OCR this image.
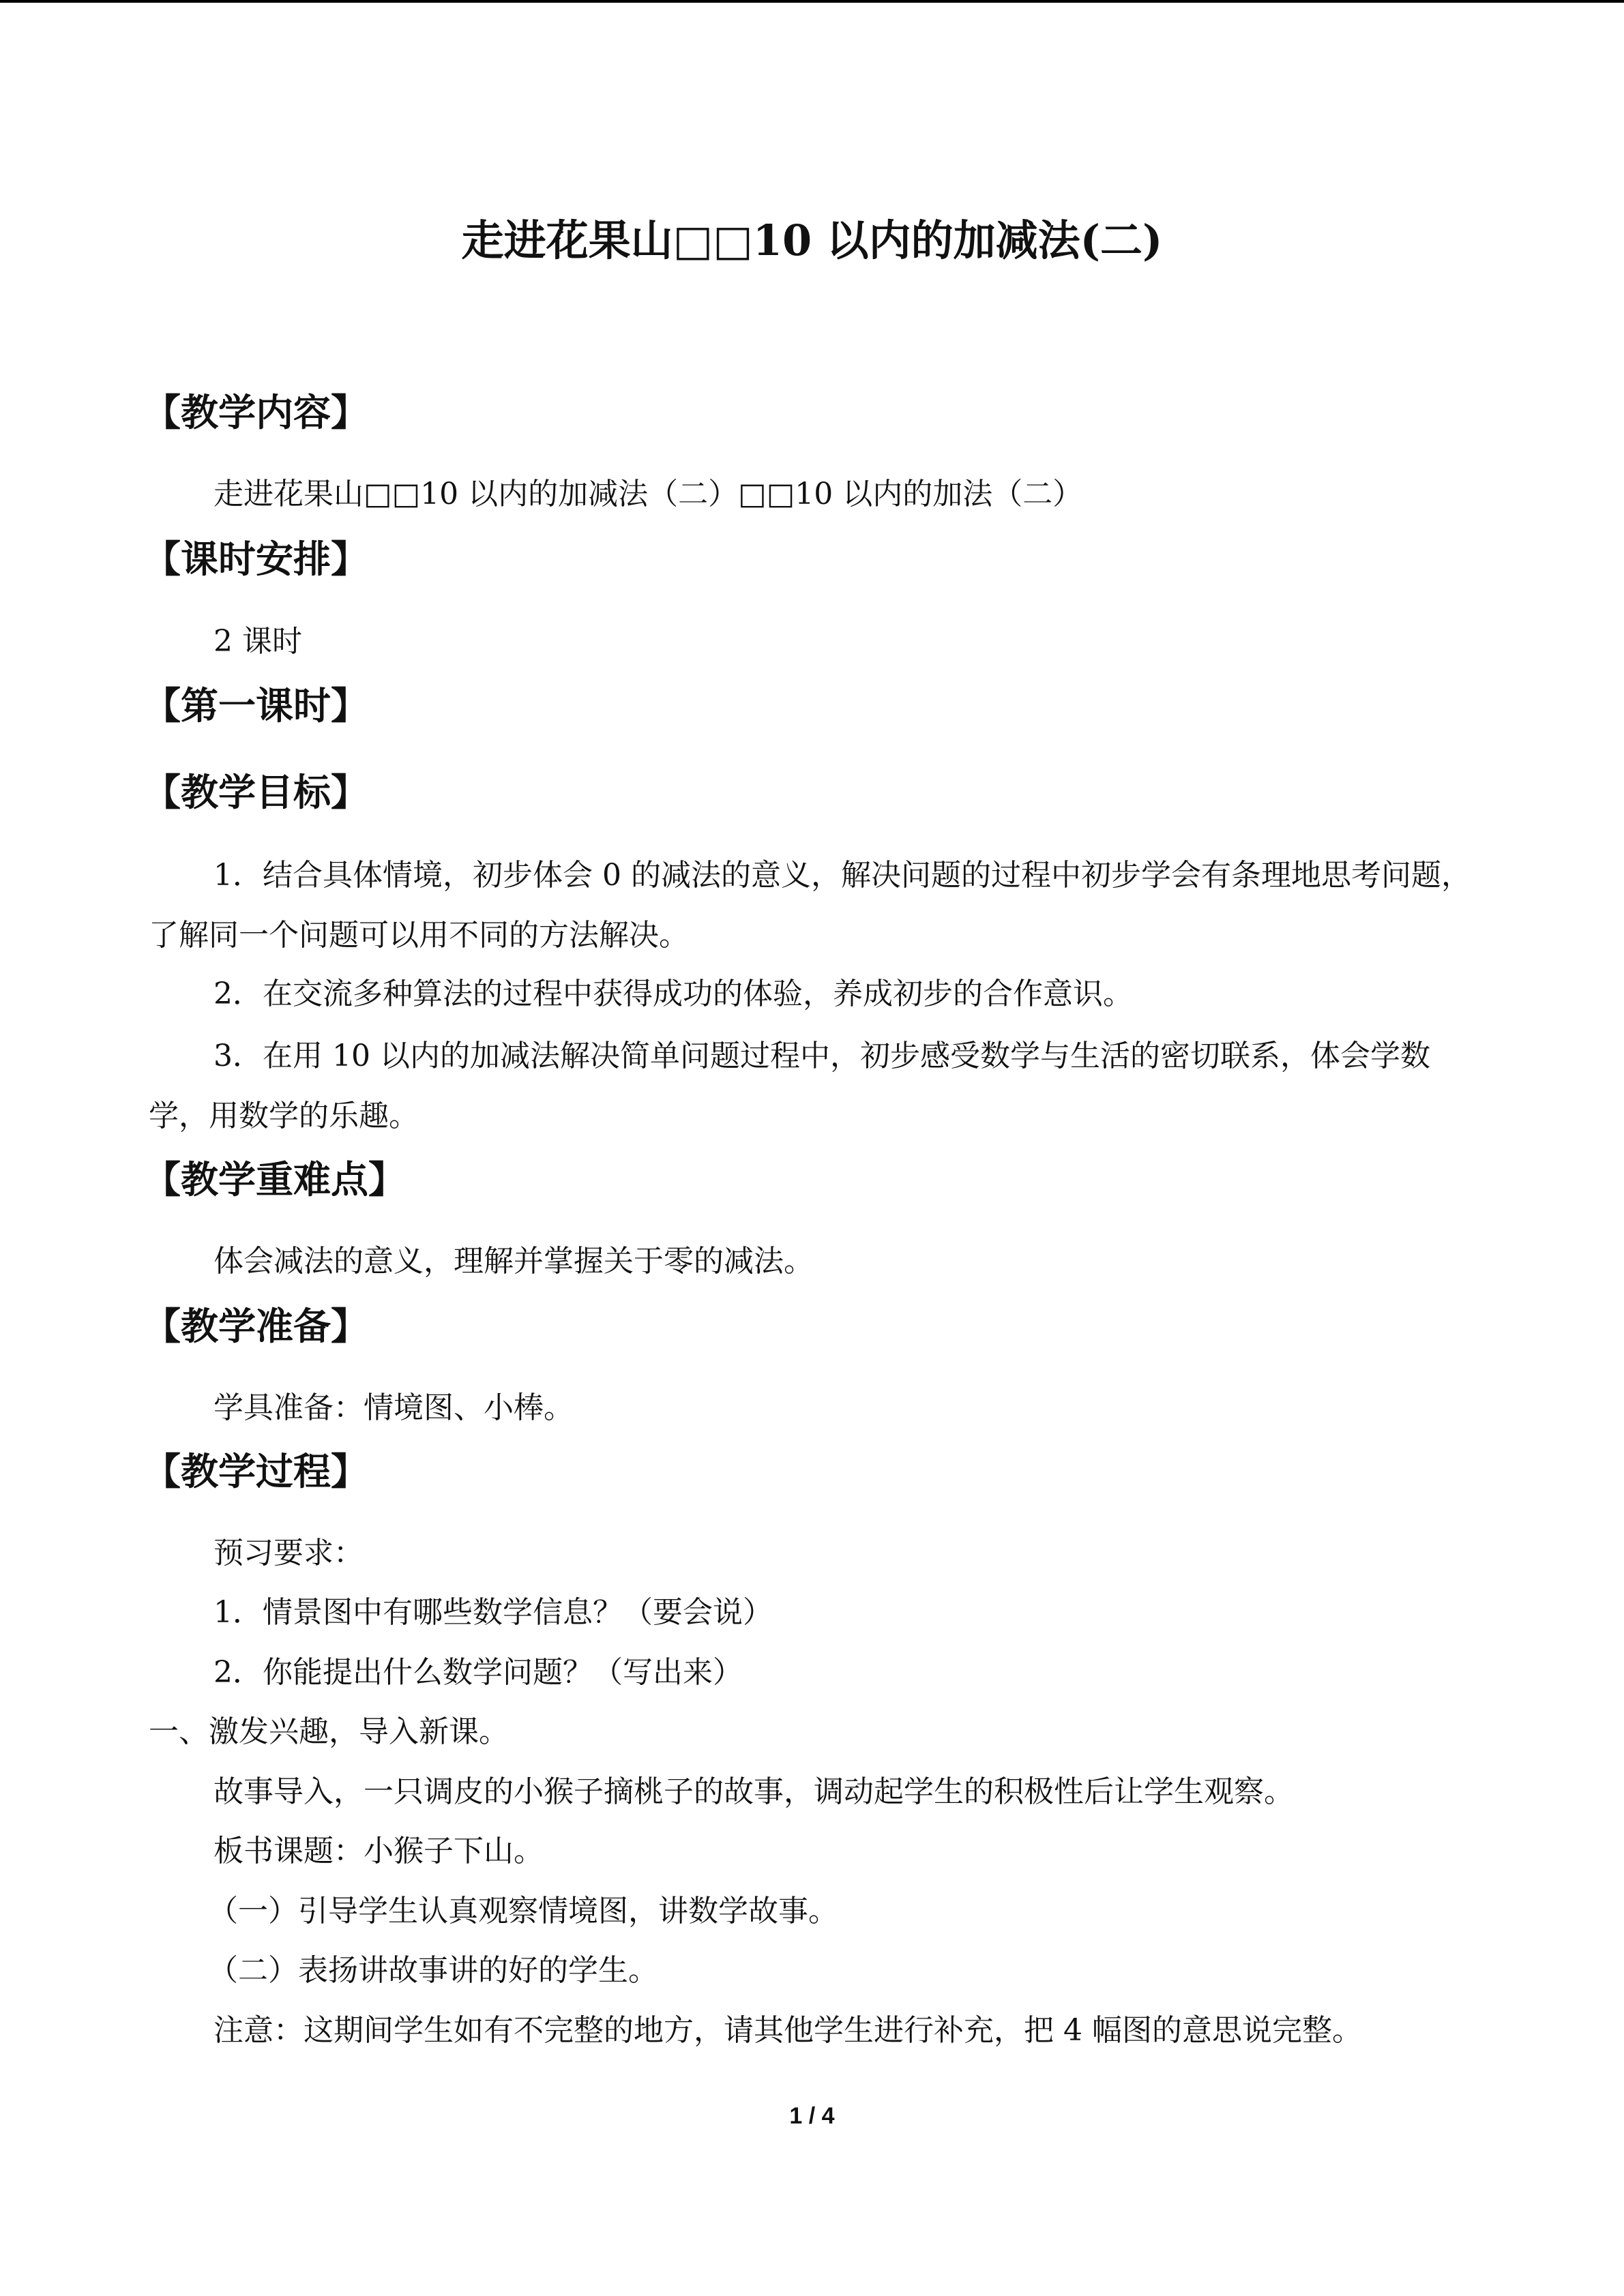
走进花果山□□10 以内的加减法(二)
【教学内容】
走进花果山□□10 以内的加减法（二）□□10 以内的加法（二）
【课时安排】
2 课时
【第一课时】
【教学目标】
1．结合具体情境，初步体会 0 的减法的意义，解决问题的过程中初步学会有条理地思考问题，了解同一个问题可以用不同的方法解决。
2．在交流多种算法的过程中获得成功的体验，养成初步的合作意识。
3．在用 10 以内的加减法解决简单问题过程中，初步感受数学与生活的密切联系，体会学数学，用数学的乐趣。
【教学重难点】
体会减法的意义，理解并掌握关于零的减法。
【教学准备】
学具准备：情境图、小棒。
【教学过程】
预习要求：
1．情景图中有哪些数学信息？（要会说）
2．你能提出什么数学问题？（写出来）
一、激发兴趣，导入新课。
故事导入，一只调皮的小猴子摘桃子的故事，调动起学生的积极性后让学生观察。
板书课题：小猴子下山。
（一）引导学生认真观察情境图，讲数学故事。
（二）表扬讲故事讲的好的学生。
注意：这期间学生如有不完整的地方，请其他学生进行补充，把 4 幅图的意思说完整。
1 / 4
